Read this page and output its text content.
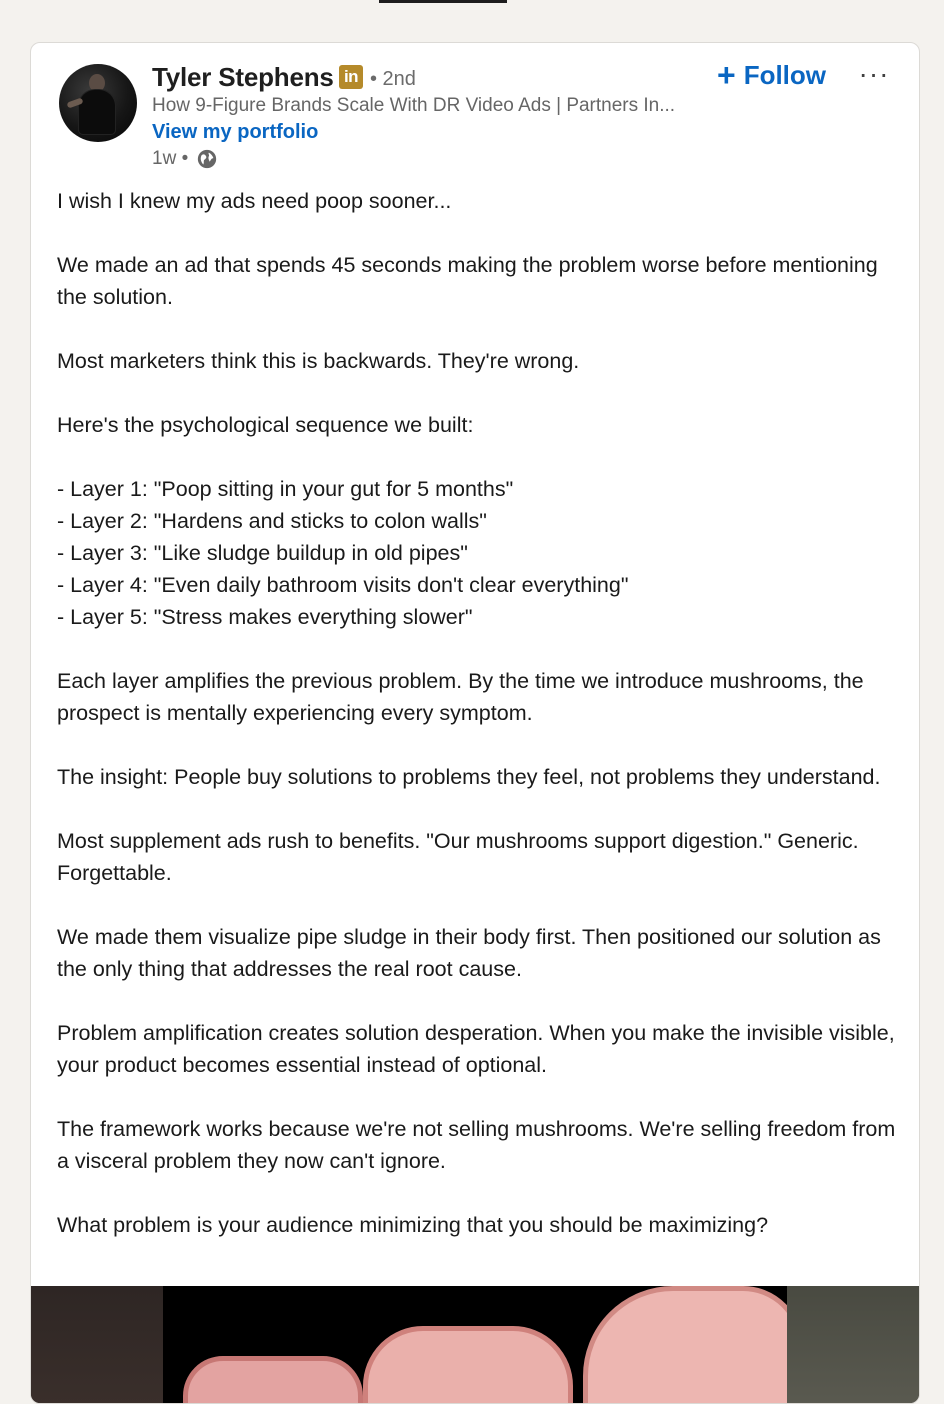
Tyler Stephens in • 2nd
How 9-Figure Brands Scale With DR Video Ads | Partners In...
View my portfolio
1w •
+ Follow ···

I wish I knew my ads need poop sooner...

We made an ad that spends 45 seconds making the problem worse before mentioning the solution.

Most marketers think this is backwards. They're wrong.

Here's the psychological sequence we built:

- Layer 1: "Poop sitting in your gut for 5 months"

- Layer 2: "Hardens and sticks to colon walls"

- Layer 3: "Like sludge buildup in old pipes"

- Layer 4: "Even daily bathroom visits don't clear everything"

- Layer 5: "Stress makes everything slower"

Each layer amplifies the previous problem. By the time we introduce mushrooms, the prospect is mentally experiencing every symptom.

The insight: People buy solutions to problems they feel, not problems they understand.

Most supplement ads rush to benefits. "Our mushrooms support digestion." Generic. Forgettable.

We made them visualize pipe sludge in their body first. Then positioned our solution as the only thing that addresses the real root cause.

Problem amplification creates solution desperation. When you make the invisible visible, your product becomes essential instead of optional.

The framework works because we're not selling mushrooms. We're selling freedom from a visceral problem they now can't ignore.

What problem is your audience minimizing that you should be maximizing?
